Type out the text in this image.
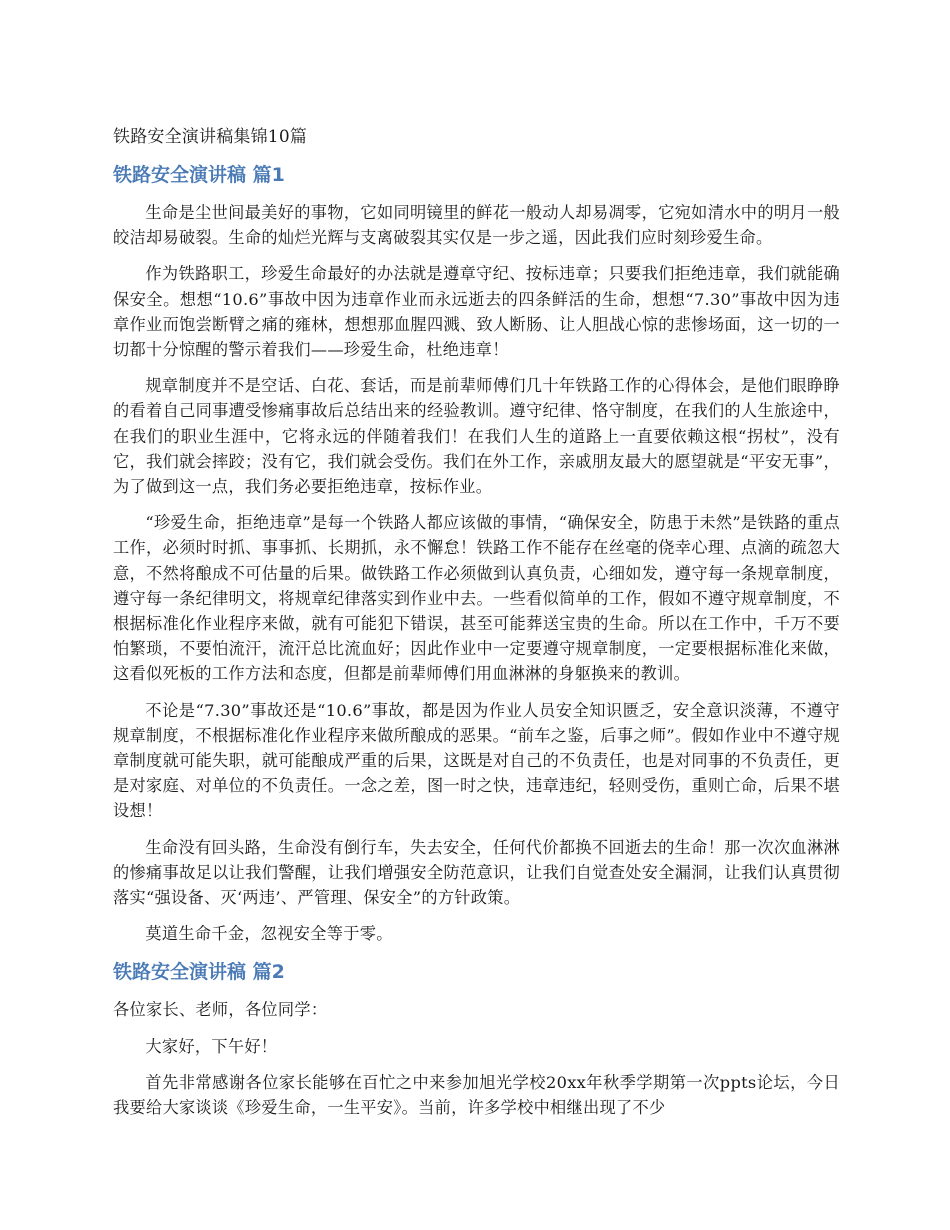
铁路安全演讲稿集锦10篇
铁路安全演讲稿 篇1

生命是尘世间最美好的事物，它如同明镜里的鲜花一般动人却易凋零，它宛如清水中的明月一般皎洁却易破裂。生命的灿烂光辉与支离破裂其实仅是一步之遥，因此我们应时刻珍爱生命。

作为铁路职工，珍爱生命最好的办法就是遵章守纪、按标违章；只要我们拒绝违章，我们就能确保安全。想想“10.6”事故中因为违章作业而永远逝去的四条鲜活的生命，想想“7.30”事故中因为违章作业而饱尝断臂之痛的雍林，想想那血腥四溅、致人断肠、让人胆战心惊的悲惨场面，这一切的一切都十分惊醒的警示着我们——珍爱生命，杜绝违章！

规章制度并不是空话、白花、套话，而是前辈师傅们几十年铁路工作的心得体会，是他们眼睁睁的看着自己同事遭受惨痛事故后总结出来的经验教训。遵守纪律、恪守制度，在我们的人生旅途中，在我们的职业生涯中，它将永远的伴随着我们！在我们人生的道路上一直要依赖这根“拐杖”，没有它，我们就会摔跤；没有它，我们就会受伤。我们在外工作，亲戚朋友最大的愿望就是“平安无事”，为了做到这一点，我们务必要拒绝违章，按标作业。

“珍爱生命，拒绝违章”是每一个铁路人都应该做的事情，“确保安全，防患于未然”是铁路的重点工作，必须时时抓、事事抓、长期抓，永不懈怠！铁路工作不能存在丝毫的侥幸心理、点滴的疏忽大意，不然将酿成不可估量的后果。做铁路工作必须做到认真负责，心细如发，遵守每一条规章制度，遵守每一条纪律明文，将规章纪律落实到作业中去。一些看似简单的工作，假如不遵守规章制度，不根据标准化作业程序来做，就有可能犯下错误，甚至可能葬送宝贵的生命。所以在工作中，千万不要怕繁琐，不要怕流汗，流汗总比流血好；因此作业中一定要遵守规章制度，一定要根据标准化来做，这看似死板的工作方法和态度，但都是前辈师傅们用血淋淋的身躯换来的教训。

不论是“7.30”事故还是“10.6”事故，都是因为作业人员安全知识匮乏，安全意识淡薄，不遵守规章制度，不根据标准化作业程序来做所酿成的恶果。“前车之鉴，后事之师”。假如作业中不遵守规章制度就可能失职，就可能酿成严重的后果，这既是对自己的不负责任，也是对同事的不负责任，更是对家庭、对单位的不负责任。一念之差，图一时之快，违章违纪，轻则受伤，重则亡命，后果不堪设想！

生命没有回头路，生命没有倒行车，失去安全，任何代价都换不回逝去的生命！那一次次血淋淋的惨痛事故足以让我们警醒，让我们增强安全防范意识，让我们自觉查处安全漏洞，让我们认真贯彻落实“强设备、灭‘两违’、严管理、保安全”的方针政策。

莫道生命千金，忽视安全等于零。

铁路安全演讲稿 篇2

各位家长、老师，各位同学：

大家好，下午好！

首先非常感谢各位家长能够在百忙之中来参加旭光学校20xx年秋季学期第一次ppts论坛，今日我要给大家谈谈《珍爱生命，一生平安》。当前，许多学校中相继出现了不少
